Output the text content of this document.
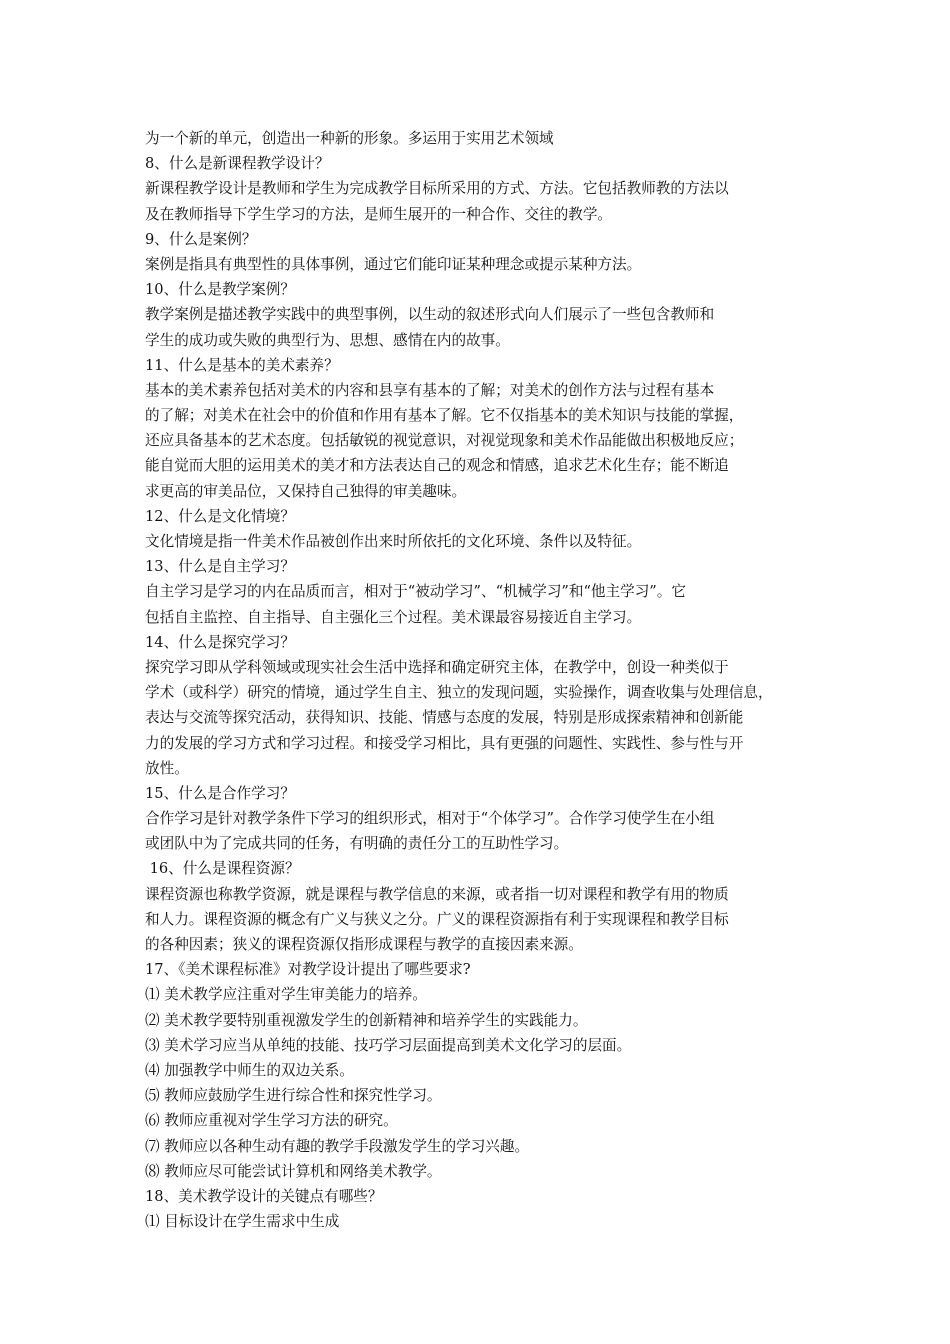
为一个新的单元，创造出一种新的形象。多运用于实用艺术领域
8、什么是新课程教学设计？
新课程教学设计是教师和学生为完成教学目标所采用的方式、方法。它包括教师教的方法以
及在教师指导下学生学习的方法，是师生展开的一种合作、交往的教学。
9、什么是案例？
案例是指具有典型性的具体事例，通过它们能印证某种理念或提示某种方法。
10、什么是教学案例？
教学案例是描述教学实践中的典型事例，以生动的叙述形式向人们展示了一些包含教师和
学生的成功或失败的典型行为、思想、感情在内的故事。
11、什么是基本的美术素养？
基本的美术素养包括对美术的内容和县享有基本的了解；对美术的创作方法与过程有基本
的了解；对美术在社会中的价值和作用有基本了解。它不仅指基本的美术知识与技能的掌握，
还应具备基本的艺术态度。包括敏锐的视觉意识，对视觉现象和美术作品能做出积极地反应；
能自觉而大胆的运用美术的美才和方法表达自己的观念和情感，追求艺术化生存；能不断追
求更高的审美品位，又保持自己独得的审美趣味。
12、什么是文化情境？
文化情境是指一件美术作品被创作出来时所依托的文化环境、条件以及特征。
13、什么是自主学习？
自主学习是学习的内在品质而言，相对于“被动学习”、“机械学习”和“他主学习”。它
包括自主监控、自主指导、自主强化三个过程。美术课最容易接近自主学习。
14、什么是探究学习？
探究学习即从学科领域或现实社会生活中选择和确定研究主体，在教学中，创设一种类似于
学术（或科学）研究的情境，通过学生自主、独立的发现问题，实验操作，调查收集与处理信息，
表达与交流等探究活动，获得知识、技能、情感与态度的发展，特别是形成探索精神和创新能
力的发展的学习方式和学习过程。和接受学习相比，具有更强的问题性、实践性、参与性与开
放性。
15、什么是合作学习？
合作学习是针对教学条件下学习的组织形式，相对于“个体学习”。合作学习使学生在小组
或团队中为了完成共同的任务，有明确的责任分工的互助性学习。
16、什么是课程资源？
课程资源也称教学资源，就是课程与教学信息的来源，或者指一切对课程和教学有用的物质
和人力。课程资源的概念有广义与狭义之分。广义的课程资源指有利于实现课程和教学目标
的各种因素；狭义的课程资源仅指形成课程与教学的直接因素来源。
17、《美术课程标准》对教学设计提出了哪些要求?
⑴ 美术教学应注重对学生审美能力的培养。
⑵ 美术教学要特别重视激发学生的创新精神和培养学生的实践能力。
⑶ 美术学习应当从单纯的技能、技巧学习层面提高到美术文化学习的层面。
⑷ 加强教学中师生的双边关系。
⑸ 教师应鼓励学生进行综合性和探究性学习。
⑹ 教师应重视对学生学习方法的研究。
⑺ 教师应以各种生动有趣的教学手段激发学生的学习兴趣。
⑻ 教师应尽可能尝试计算机和网络美术教学。
18、美术教学设计的关键点有哪些？
⑴ 目标设计在学生需求中生成
